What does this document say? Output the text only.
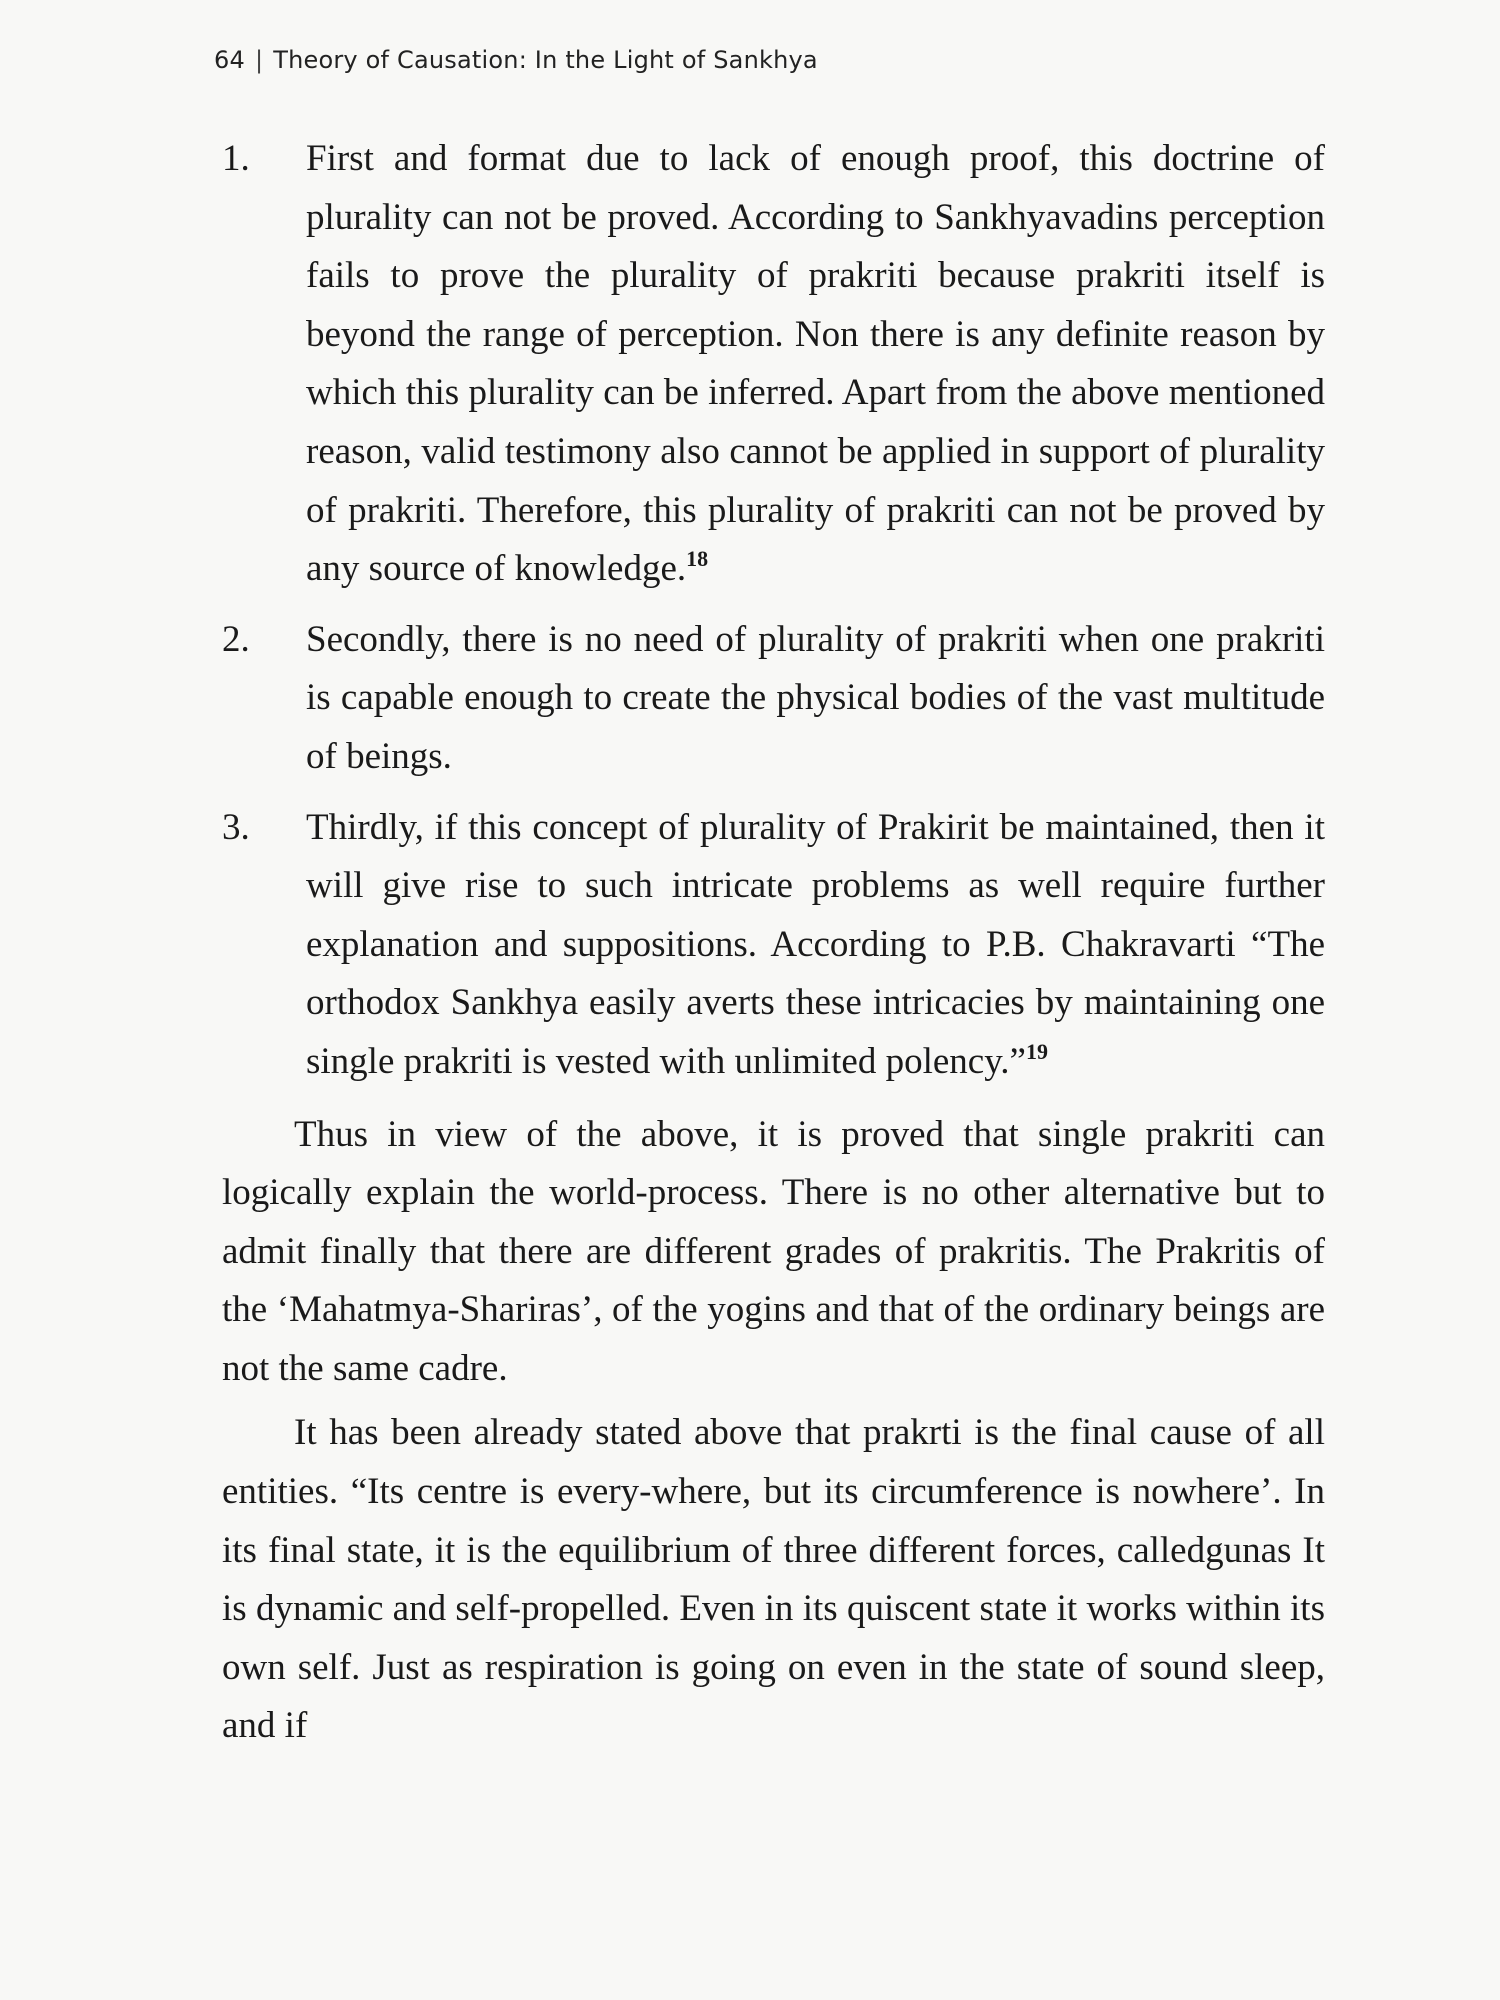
64 | Theory of Causation: In the Light of Sankhya
1. First and format due to lack of enough proof, this doctrine of plurality can not be proved. According to Sankhyavadins perception fails to prove the plurality of prakriti because prakriti itself is beyond the range of perception. Non there is any definite reason by which this plurality can be inferred. Apart from the above mentioned reason, valid testimony also cannot be applied in support of plurality of prakriti. Therefore, this plurality of prakriti can not be proved by any source of knowledge.$^{18}$
2. Secondly, there is no need of plurality of prakriti when one prakriti is capable enough to create the physical bodies of the vast multitude of beings.
3. Thirdly, if this concept of plurality of Prakirit be maintained, then it will give rise to such intricate problems as well require further explanation and suppositions. According to P.B. Chakravarti “The orthodox Sankhya easily averts these intricacies by maintaining one single prakriti is vested with unlimited polency.”$^{19}$

Thus in view of the above, it is proved that single prakriti can logically explain the world-process. There is no other alternative but to admit finally that there are different grades of prakritis. The Prakritis of the ‘Mahatmya-Shariras’, of the yogins and that of the ordinary beings are not the same cadre.

It has been already stated above that prakrti is the final cause of all entities. “Its centre is every-where, but its circumference is nowhere’. In its final state, it is the equilibrium of three different forces, calledgunas It is dynamic and self-propelled. Even in its quiscent state it works within its own self. Just as respiration is going on even in the state of sound sleep, and if
